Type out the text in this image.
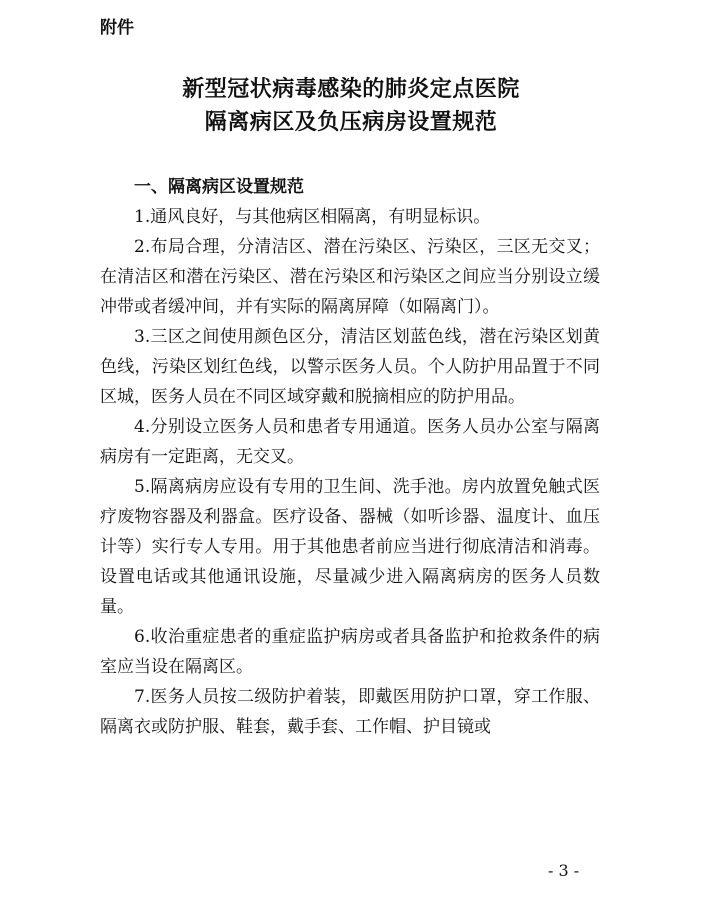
附件
新型冠状病毒感染的肺炎定点医院
隔离病区及负压病房设置规范
一、隔离病区设置规范

1.通风良好，与其他病区相隔离，有明显标识。

2.布局合理，分清洁区、潜在污染区、污染区，三区无交叉；在清洁区和潜在污染区、潜在污染区和污染区之间应当分别设立缓冲带或者缓冲间，并有实际的隔离屏障（如隔离门）。

3.三区之间使用颜色区分，清洁区划蓝色线，潜在污染区划黄色线，污染区划红色线，以警示医务人员。个人防护用品置于不同区城，医务人员在不同区域穿戴和脱摘相应的防护用品。

4.分别设立医务人员和患者专用通道。医务人员办公室与隔离病房有一定距离，无交叉。

5.隔离病房应设有专用的卫生间、洗手池。房内放置免触式医疗废物容器及利器盒。医疗设备、器械（如听诊器、温度计、血压计等）实行专人专用。用于其他患者前应当进行彻底清洁和消毒。设置电话或其他通讯设施，尽量减少进入隔离病房的医务人员数量。

6.收治重症患者的重症监护病房或者具备监护和抢救条件的病室应当设在隔离区。

7.医务人员按二级防护着装，即戴医用防护口罩，穿工作服、隔离衣或防护服、鞋套，戴手套、工作帽、护目镜或

- 3 -
